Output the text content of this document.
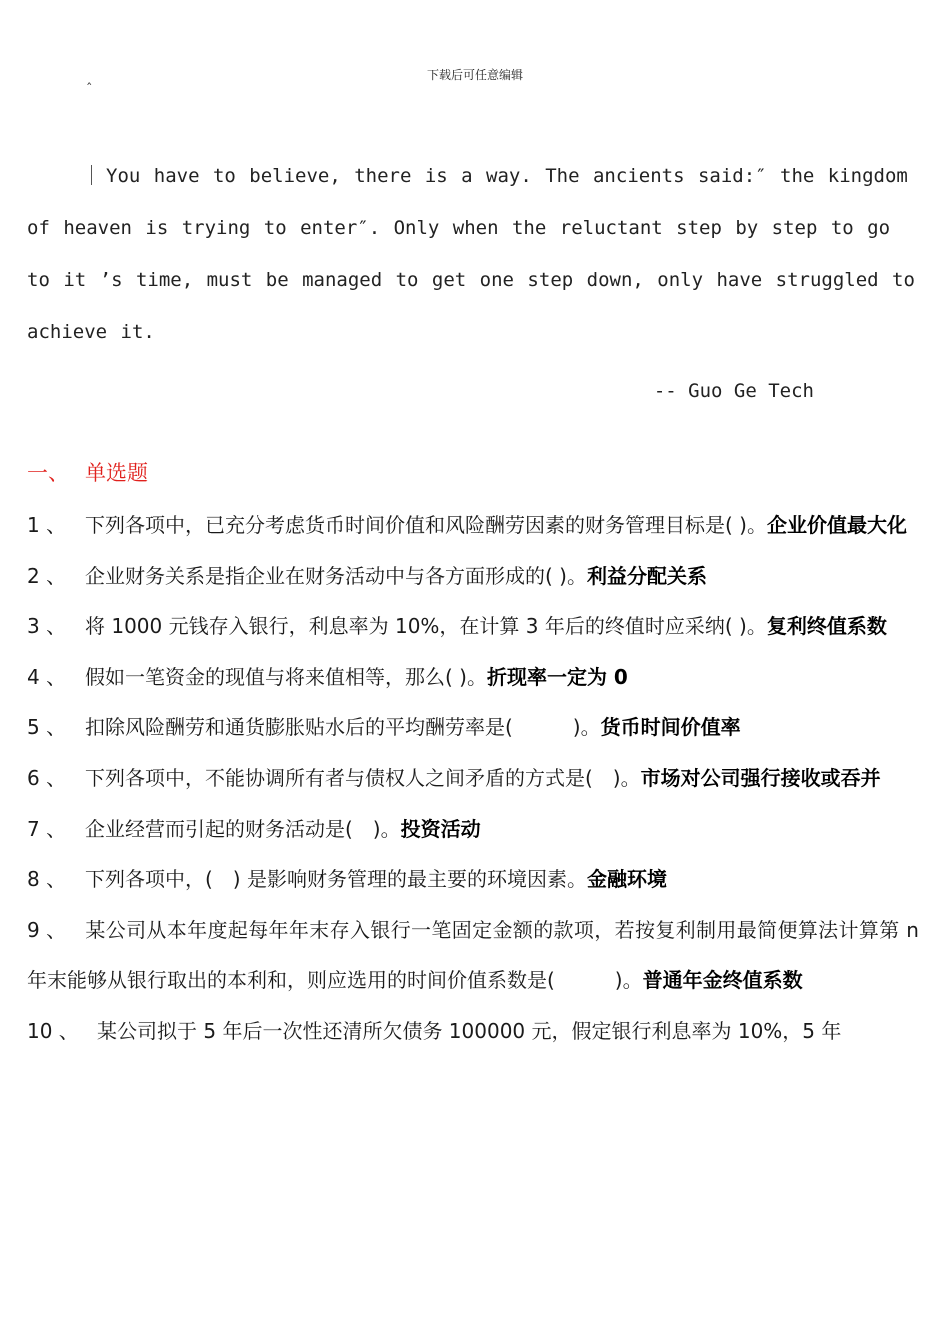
下载后可任意编辑
ˆ
You have to believe, there is a way. The ancients said:″ the kingdom of heaven is trying to enter″. Only when the reluctant step by step to go to it ’s time, must be managed to get one step down, only have struggled to achieve it.
-- Guo Ge Tech
一、 单选题

1 、 下列各项中，已充分考虑货币时间价值和风险酬劳因素的财务管理目标是( )。企业价值最大化

2 、 企业财务关系是指企业在财务活动中与各方面形成的( )。利益分配关系

3 、 将 1000 元钱存入银行，利息率为 10%，在计算 3 年后的终值时应采纳( )。复利终值系数

4 、 假如一笔资金的现值与将来值相等，那么( )。折现率一定为 0

5 、 扣除风险酬劳和通货膨胀贴水后的平均酬劳率是(　　　)。货币时间价值率

6 、 下列各项中，不能协调所有者与债权人之间矛盾的方式是(　)。市场对公司强行接收或吞并

7 、 企业经营而引起的财务活动是(　)。投资活动

8 、 下列各项中，(　) 是影响财务管理的最主要的环境因素。金融环境

9 、 某公司从本年度起每年年末存入银行一笔固定金额的款项，若按复利制用最简便算法计算第 n 年末能够从银行取出的本利和，则应选用的时间价值系数是(　　　)。普通年金终值系数

10 、 某公司拟于 5 年后一次性还清所欠债务 100000 元，假定银行利息率为 10%，5 年
